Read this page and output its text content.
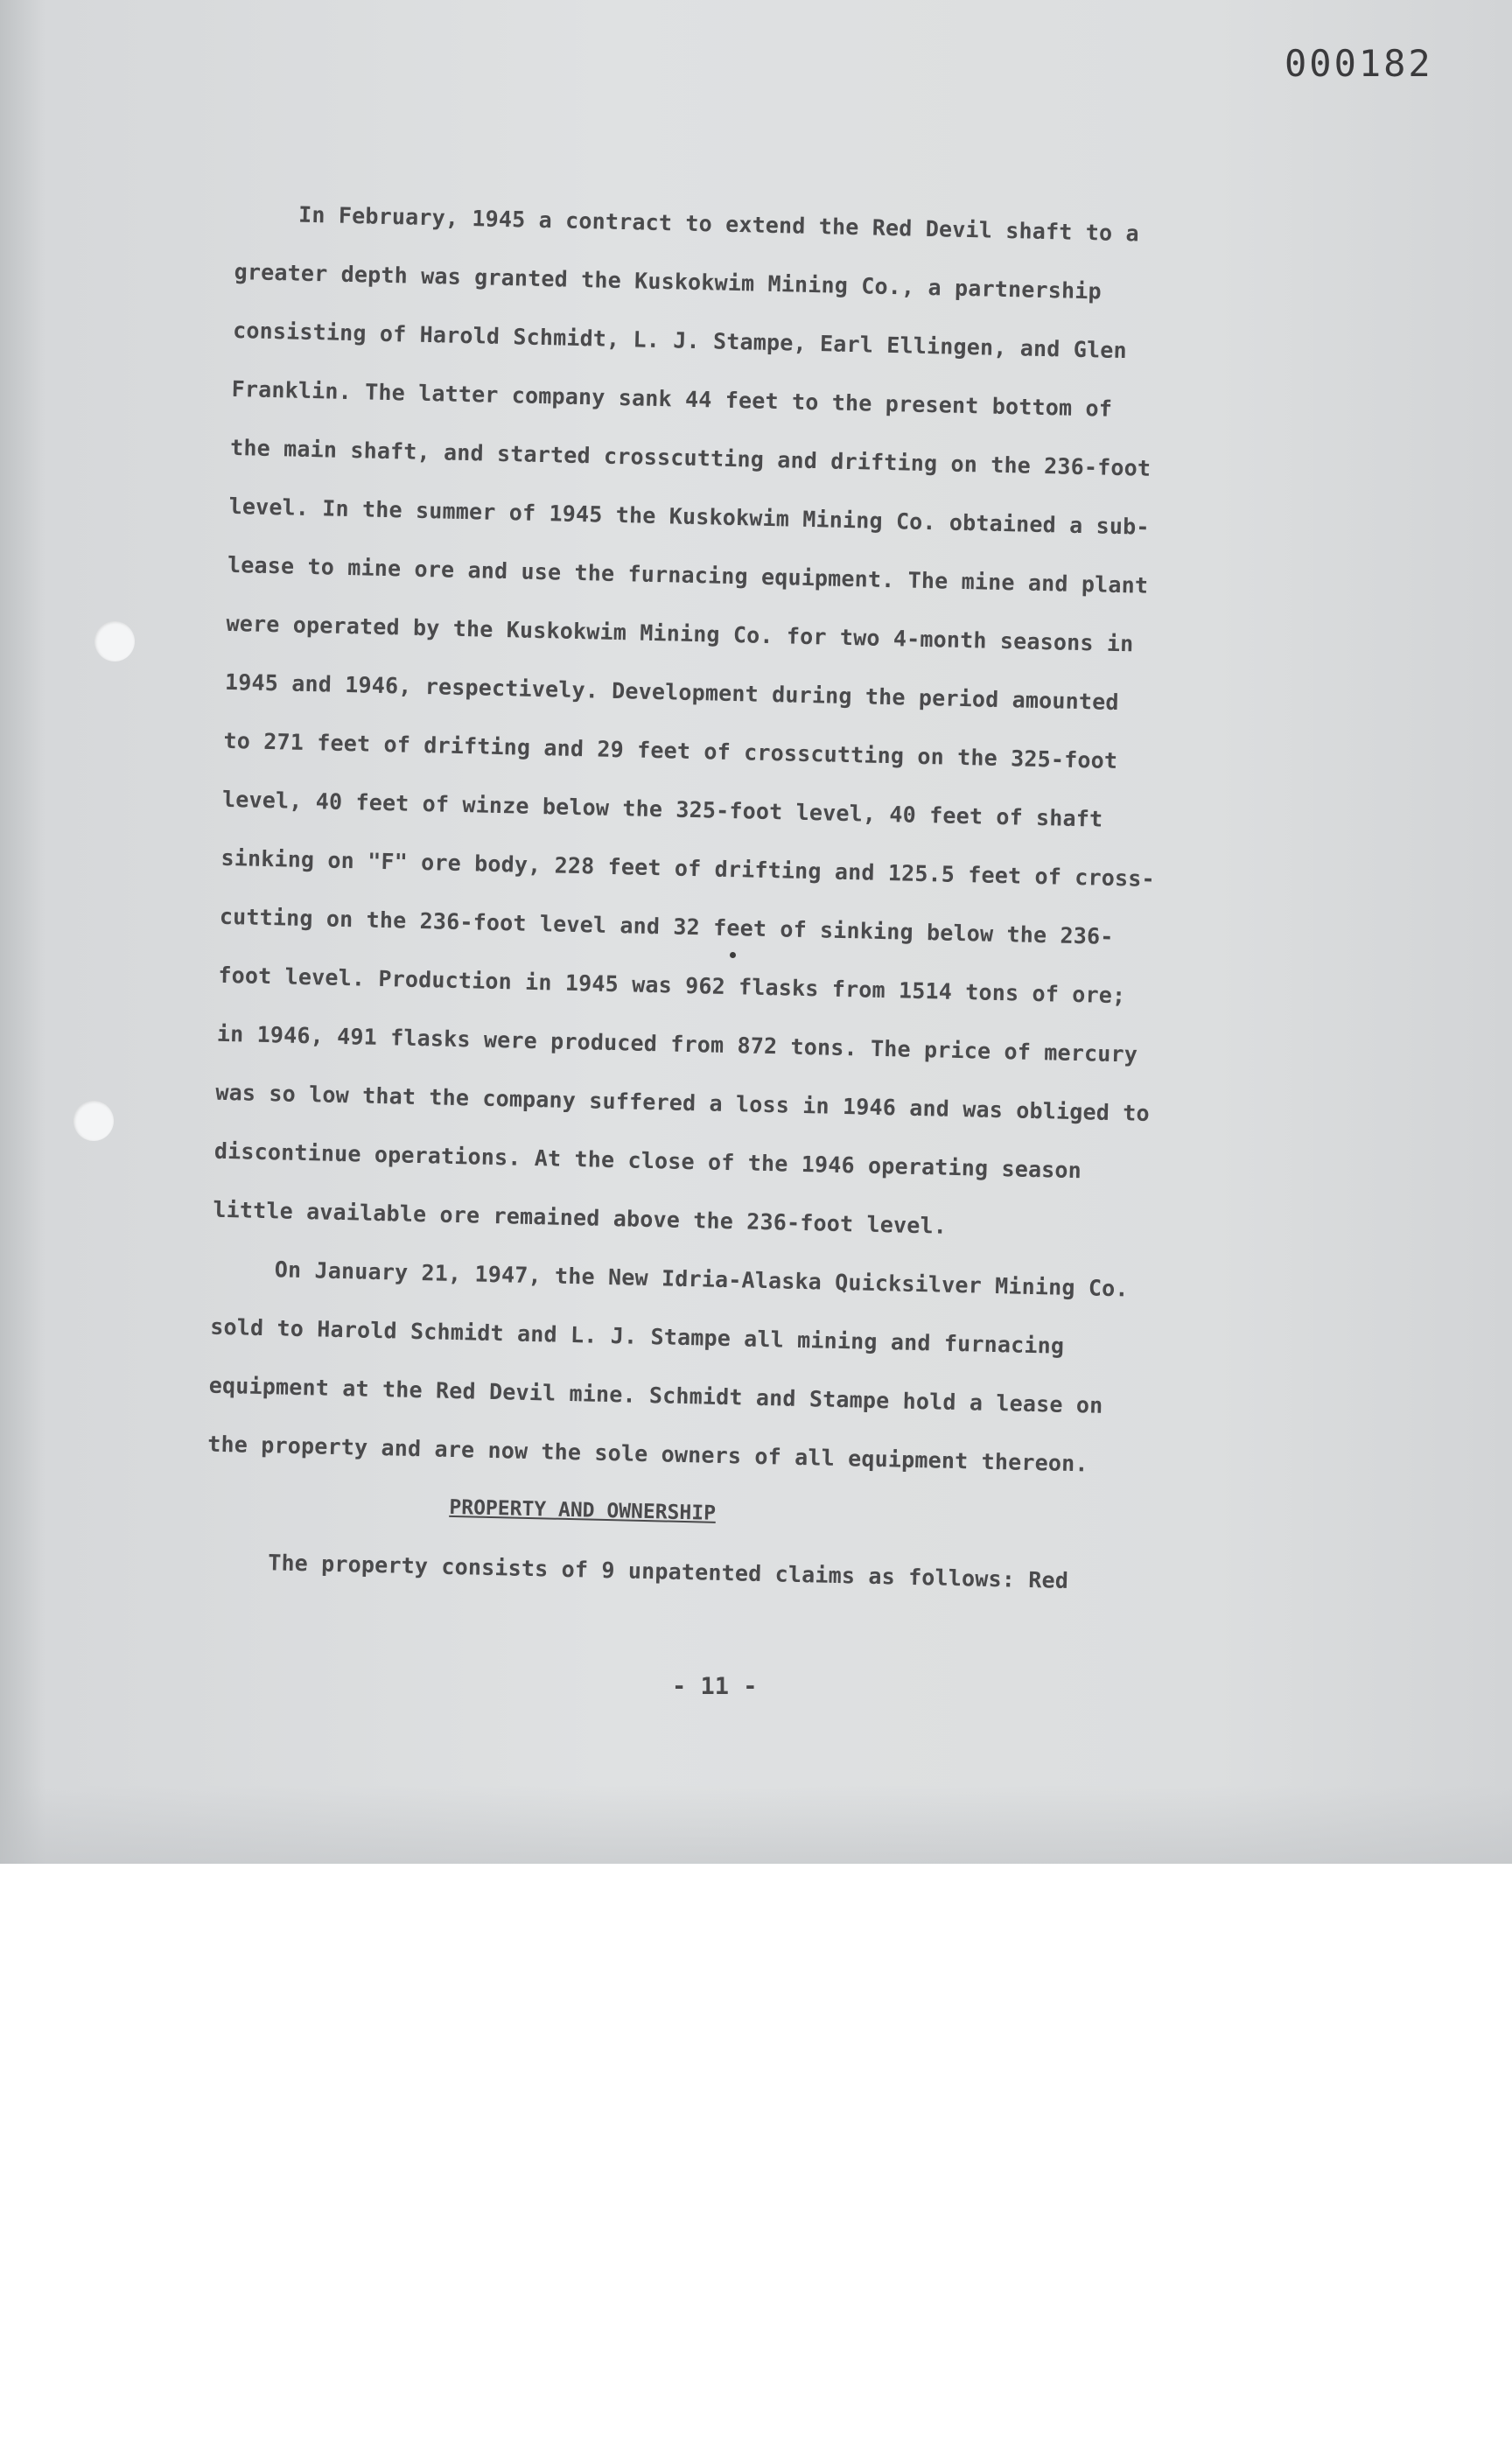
000182
In February, 1945 a contract to extend the Red Devil shaft to a
greater depth was granted the Kuskokwim Mining Co., a partnership
consisting of Harold Schmidt, L. J. Stampe, Earl Ellingen, and Glen
Franklin. The latter company sank 44 feet to the present bottom of
the main shaft, and started crosscutting and drifting on the 236-foot
level. In the summer of 1945 the Kuskokwim Mining Co. obtained a sub-
lease to mine ore and use the furnacing equipment. The mine and plant
were operated by the Kuskokwim Mining Co. for two 4-month seasons in
1945 and 1946, respectively. Development during the period amounted
to 271 feet of drifting and 29 feet of crosscutting on the 325-foot
level, 40 feet of winze below the 325-foot level, 40 feet of shaft
sinking on "F" ore body, 228 feet of drifting and 125.5 feet of cross-
cutting on the 236-foot level and 32 feet of sinking below the 236-
foot level. Production in 1945 was 962 flasks from 1514 tons of ore;
in 1946, 491 flasks were produced from 872 tons. The price of mercury
was so low that the company suffered a loss in 1946 and was obliged to
discontinue operations. At the close of the 1946 operating season
little available ore remained above the 236-foot level.
On January 21, 1947, the New Idria-Alaska Quicksilver Mining Co.
sold to Harold Schmidt and L. J. Stampe all mining and furnacing
equipment at the Red Devil mine. Schmidt and Stampe hold a lease on
the property and are now the sole owners of all equipment thereon.
PROPERTY AND OWNERSHIP
The property consists of 9 unpatented claims as follows: Red
- 11 -
